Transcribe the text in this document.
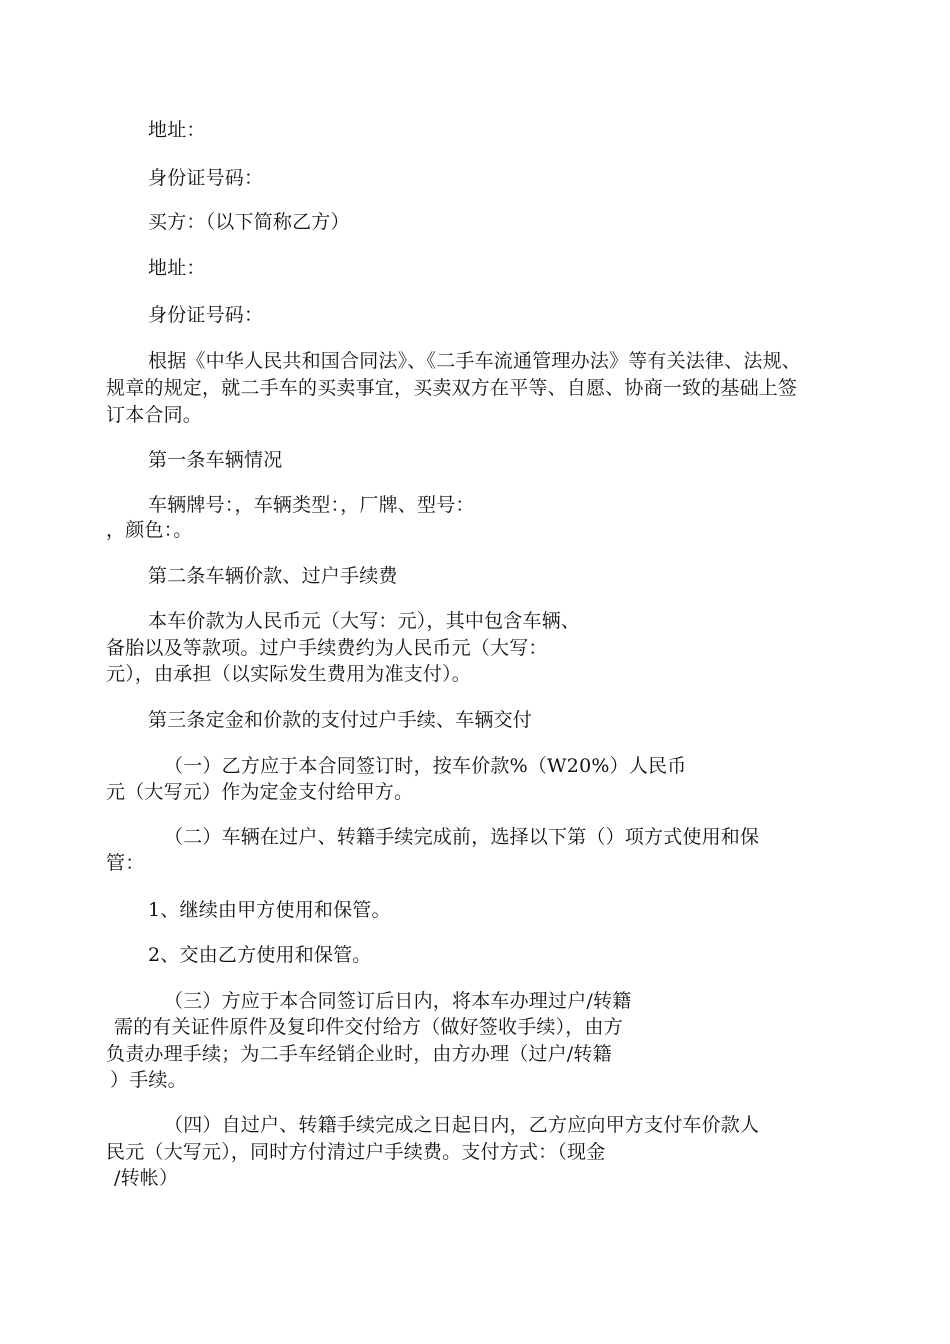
地址：
身份证号码：
买方：（以下简称乙方）
地址：
身份证号码：
根据《中华人民共和国合同法》、《二手车流通管理办法》等有关法律、法规、
规章的规定，就二手车的买卖事宜，买卖双方在平等、自愿、协商一致的基础上签
订本合同。
第一条车辆情况
车辆牌号：，车辆类型：，厂牌、型号：
，颜色：。
第二条车辆价款、过户手续费
本车价款为人民币元（大写：元），其中包含车辆、
备胎以及等款项。过户手续费约为人民币元（大写：
元），由承担（以实际发生费用为准支付）。
第三条定金和价款的支付过户手续、车辆交付
（一）乙方应于本合同签订时，按车价款%（W20%）人民币
元（大写元）作为定金支付给甲方。
（二）车辆在过户、转籍手续完成前，选择以下第（）项方式使用和保
管：
1、继续由甲方使用和保管。
2、交由乙方使用和保管。
（三）方应于本合同签订后日内，将本车办理过户/转籍
需的有关证件原件及复印件交付给方（做好签收手续），由方
负责办理手续；为二手车经销企业时，由方办理（过户/转籍
）手续。
（四）自过户、转籍手续完成之日起日内，乙方应向甲方支付车价款人
民元（大写元），同时方付清过户手续费。支付方式：（现金
/转帐）
